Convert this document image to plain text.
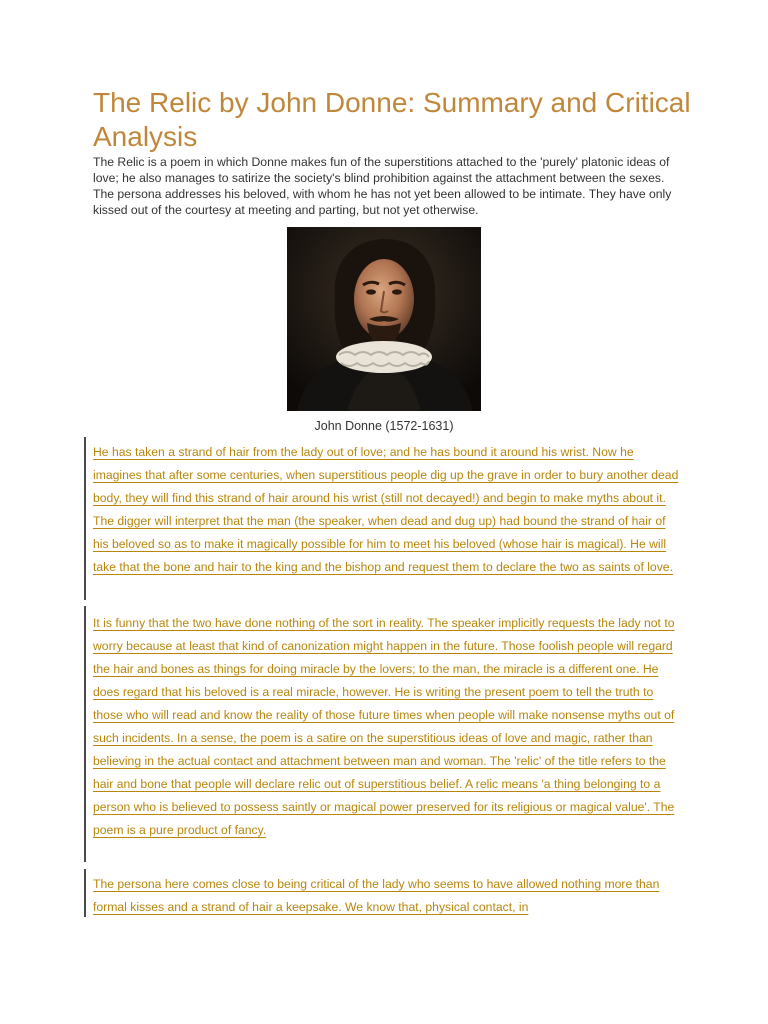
The Relic by John Donne: Summary and Critical Analysis

The Relic is a poem in which Donne makes fun of the superstitions attached to the 'purely' platonic ideas of love; he also manages to satirize the society's blind prohibition against the attachment between the sexes. The persona addresses his beloved, with whom he has not yet been allowed to be intimate. They have only kissed out of the courtesy at meeting and parting, but not yet otherwise.

John Donne (1572-1631)

He has taken a strand of hair from the lady out of love; and he has bound it around his wrist. Now he imagines that after some centuries, when superstitious people dig up the grave in order to bury another dead body, they will find this strand of hair around his wrist (still not decayed!) and begin to make myths about it. The digger will interpret that the man (the speaker, when dead and dug up) had bound the strand of hair of his beloved so as to make it magically possible for him to meet his beloved (whose hair is magical). He will take that the bone and hair to the king and the bishop and request them to declare the two as saints of love.

It is funny that the two have done nothing of the sort in reality. The speaker implicitly requests the lady not to worry because at least that kind of canonization might happen in the future. Those foolish people will regard the hair and bones as things for doing miracle by the lovers; to the man, the miracle is a different one. He does regard that his beloved is a real miracle, however. He is writing the present poem to tell the truth to those who will read and know the reality of those future times when people will make nonsense myths out of such incidents. In a sense, the poem is a satire on the superstitious ideas of love and magic, rather than believing in the actual contact and attachment between man and woman. The 'relic' of the title refers to the hair and bone that people will declare relic out of superstitious belief. A relic means 'a thing belonging to a person who is believed to possess saintly or magical power preserved for its religious or magical value'. The poem is a pure product of fancy.

The persona here comes close to being critical of the lady who seems to have allowed nothing more than formal kisses and a strand of hair a keepsake. We know that, physical contact, in
